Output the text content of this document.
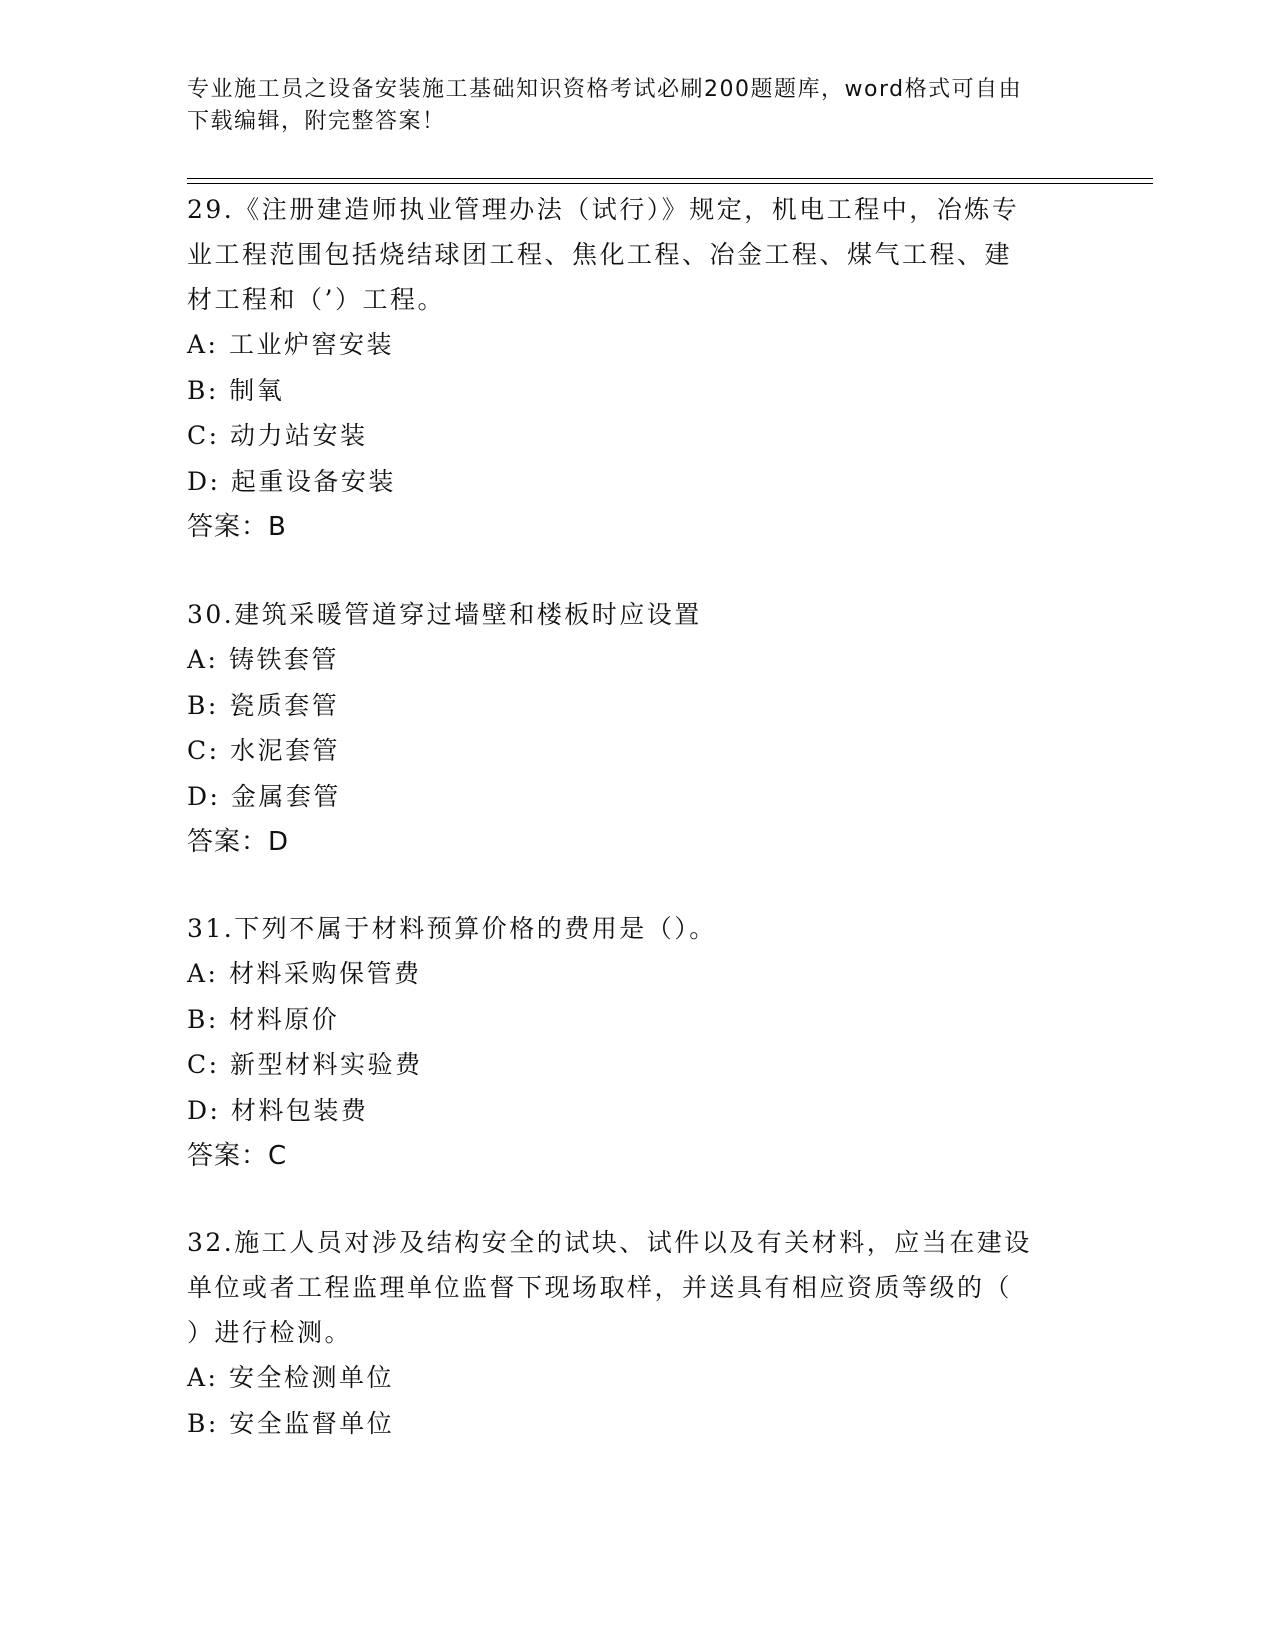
专业施工员之设备安装施工基础知识资格考试必刷200题题库，word格式可自由
下载编辑，附完整答案！

29.《注册建造师执业管理办法（试行）》规定，机电工程中，冶炼专

业工程范围包括烧结球团工程、焦化工程、冶金工程、煤气工程、建

材工程和（’）工程。

A: 工业炉窖安装

B: 制氧

C: 动力站安装

D: 起重设备安装

答案：B

30.建筑采暖管道穿过墙壁和楼板时应设置

A: 铸铁套管

B: 瓷质套管

C: 水泥套管

D: 金属套管

答案：D

31.下列不属于材料预算价格的费用是（）。

A: 材料采购保管费

B: 材料原价

C: 新型材料实验费

D: 材料包装费

答案：C

32.施工人员对涉及结构安全的试块、试件以及有关材料，应当在建设

单位或者工程监理单位监督下现场取样，并送具有相应资质等级的（

）进行检测。

A: 安全检测单位

B: 安全监督单位
